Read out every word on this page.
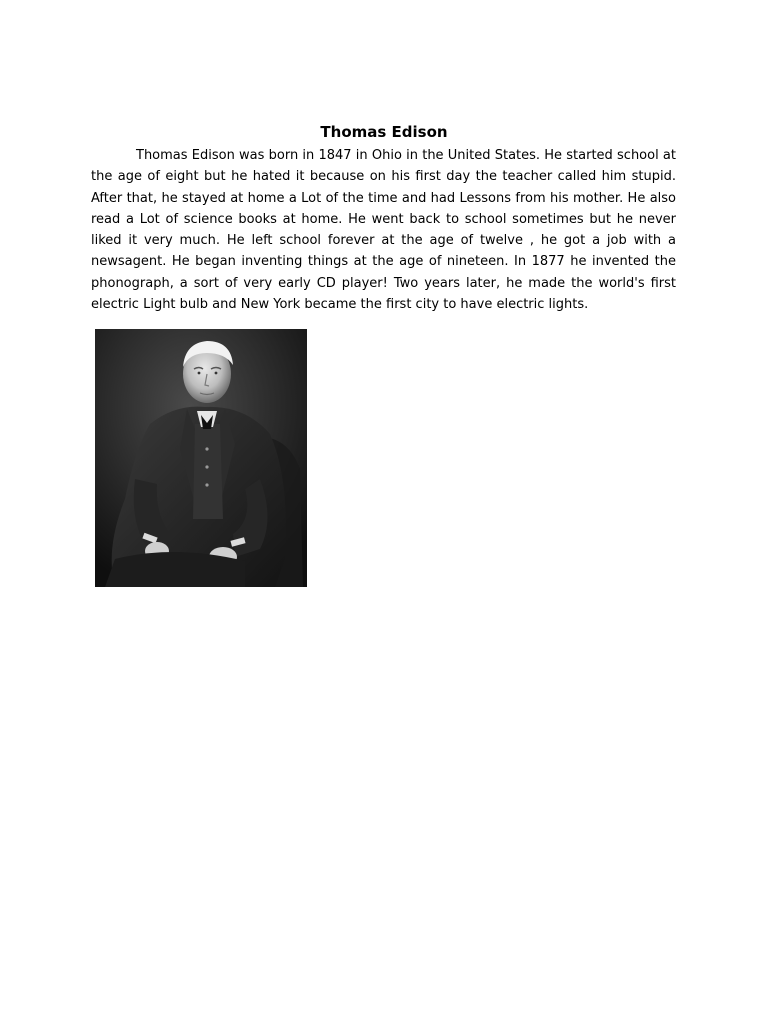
Thomas Edison

Thomas Edison was born in 1847 in Ohio in the United States. He started school at the age of eight but he hated it because on his first day the teacher called him stupid. After that, he stayed at home a Lot of the time and had Lessons from his mother. He also read a Lot of science books at home. He went back to school sometimes but he never liked it very much. He left school forever at the age of twelve , he got a job with a newsagent. He began inventing things at the age of nineteen. In 1877 he invented the phonograph, a sort of very early CD player! Two years later, he made the world's first electric Light bulb and New York became the first city to have electric lights.
